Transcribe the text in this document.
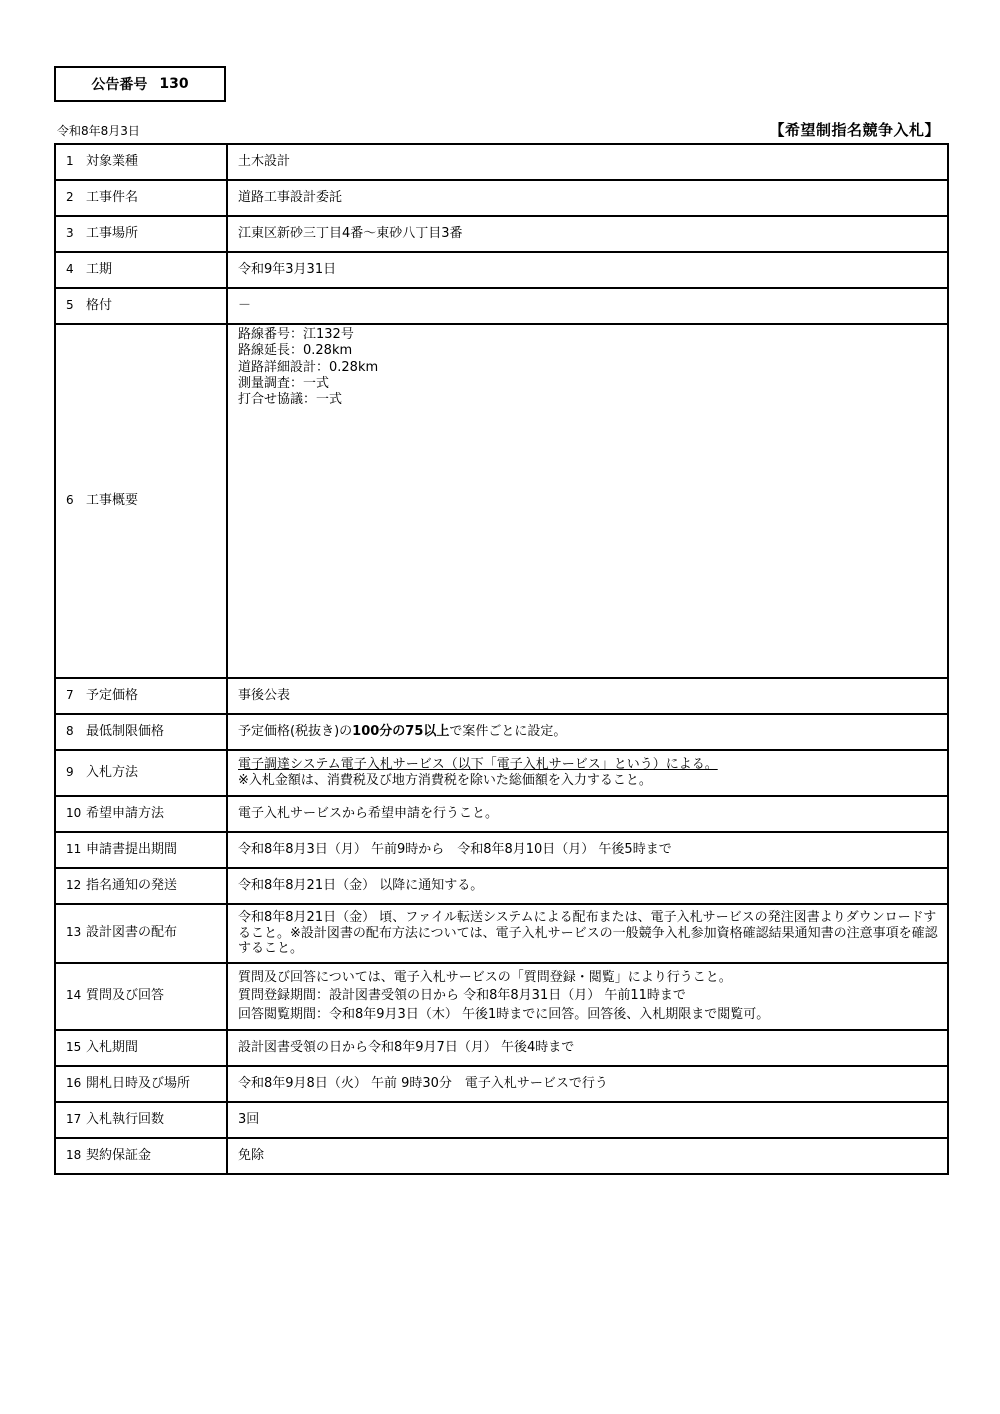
公告番号 130
令和8年8月3日	【希望制指名競争入札】
1 対象業種	土木設計
2 工事件名	道路工事設計委託
3 工事場所	江東区新砂三丁目4番～東砂八丁目3番
4 工期	令和9年3月31日
5 格付	－
6 工事概要	路線番号：江132号
路線延長：0.28km
道路詳細設計：0.28km
測量調査：一式
打合せ協議：一式

7 予定価格	事後公表
8 最低制限価格	予定価格(税抜き)の100分の75以上で案件ごとに設定。
9 入札方法	電子調達システム電子入札サービス（以下「電子入札サービス」という）による。
※入札金額は、消費税及び地方消費税を除いた総価額を入力すること。

10 希望申請方法	電子入札サービスから希望申請を行うこと。
11 申請書提出期間	令和8年8月3日（月） 午前9時から　令和8年8月10日（月） 午後5時まで
12 指名通知の発送	令和8年8月21日（金） 以降に通知する。
13 設計図書の配布	令和8年8月21日（金） 頃、ファイル転送システムによる配布または、電子入札サービスの発注図書よりダウンロードすること。※設計図書の配布方法については、電子入札サービスの一般競争入札参加資格確認結果通知書の注意事項を確認すること。
14 質問及び回答	質問及び回答については、電子入札サービスの「質問登録・閲覧」により行うこと。
質問登録期間：設計図書受領の日から 令和8年8月31日（月） 午前11時まで
回答閲覧期間：令和8年9月3日（木） 午後1時までに回答。回答後、入札期限まで閲覧可。

15 入札期間	設計図書受領の日から令和8年9月7日（月） 午後4時まで
16 開札日時及び場所	令和8年9月8日（火） 午前 9時30分　電子入札サービスで行う
17 入札執行回数	3回
18 契約保証金	免除
